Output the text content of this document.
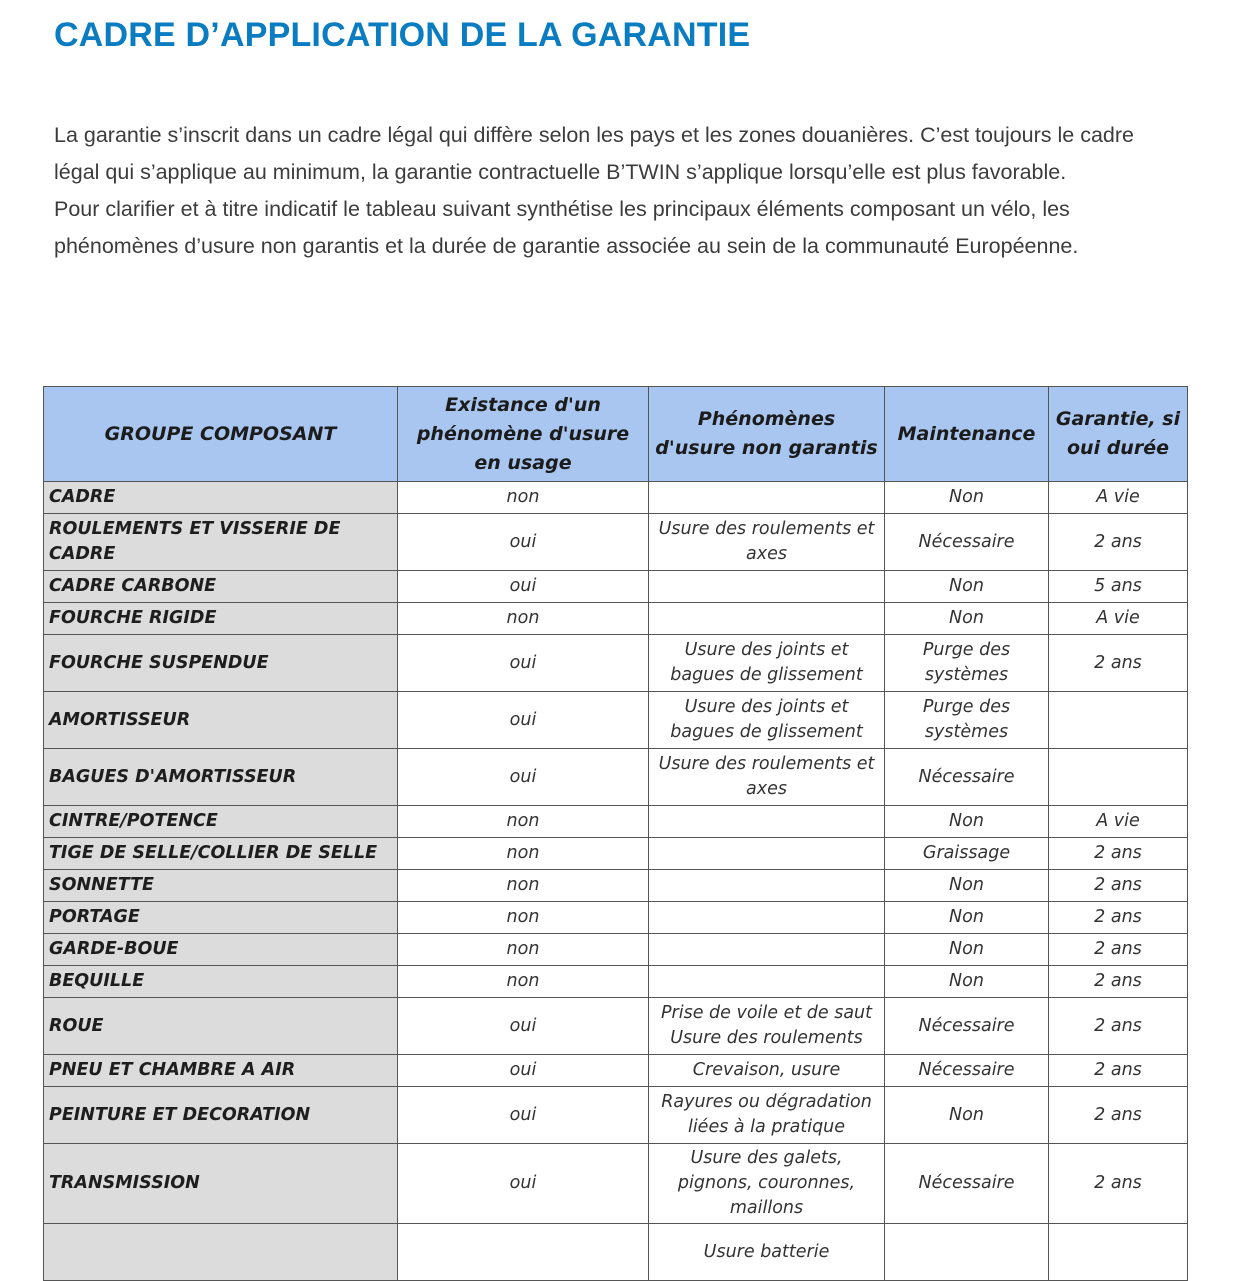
CADRE D’APPLICATION DE LA GARANTIE

La garantie s’inscrit dans un cadre légal qui diffère selon les pays et les zones douanières. C’est toujours le cadre légal qui s’applique au minimum, la garantie contractuelle B’TWIN s’applique lorsqu’elle est plus favorable.

Pour clarifier et à titre indicatif le tableau suivant synthétise les principaux éléments composant un vélo, les phénomènes d’usure non garantis et la durée de garantie associée au sein de la communauté Européenne.

GROUPE COMPOSANT	Existance d'un phénomène d'usure en usage	Phénomènes d'usure non garantis	Maintenance	Garantie, si oui durée
CADRE	non		Non	A vie
ROULEMENTS ET VISSERIE DE CADRE	oui	Usure des roulements et axes	Nécessaire	2 ans
CADRE CARBONE	oui		Non	5 ans
FOURCHE RIGIDE	non		Non	A vie
FOURCHE SUSPENDUE	oui	Usure des joints et bagues de glissement	Purge des systèmes	2 ans
AMORTISSEUR	oui	Usure des joints et bagues de glissement	Purge des systèmes	
BAGUES D'AMORTISSEUR	oui	Usure des roulements et axes	Nécessaire	
CINTRE/POTENCE	non		Non	A vie
TIGE DE SELLE/COLLIER DE SELLE	non		Graissage	2 ans
SONNETTE	non		Non	2 ans
PORTAGE	non		Non	2 ans
GARDE-BOUE	non		Non	2 ans
BEQUILLE	non		Non	2 ans
ROUE	oui	Prise de voile et de saut Usure des roulements	Nécessaire	2 ans
PNEU ET CHAMBRE A AIR	oui	Crevaison, usure	Nécessaire	2 ans
PEINTURE ET DECORATION	oui	Rayures ou dégradation liées à la pratique	Non	2 ans
TRANSMISSION	oui	Usure des galets, pignons, couronnes, maillons	Nécessaire	2 ans
		Usure batterie		
